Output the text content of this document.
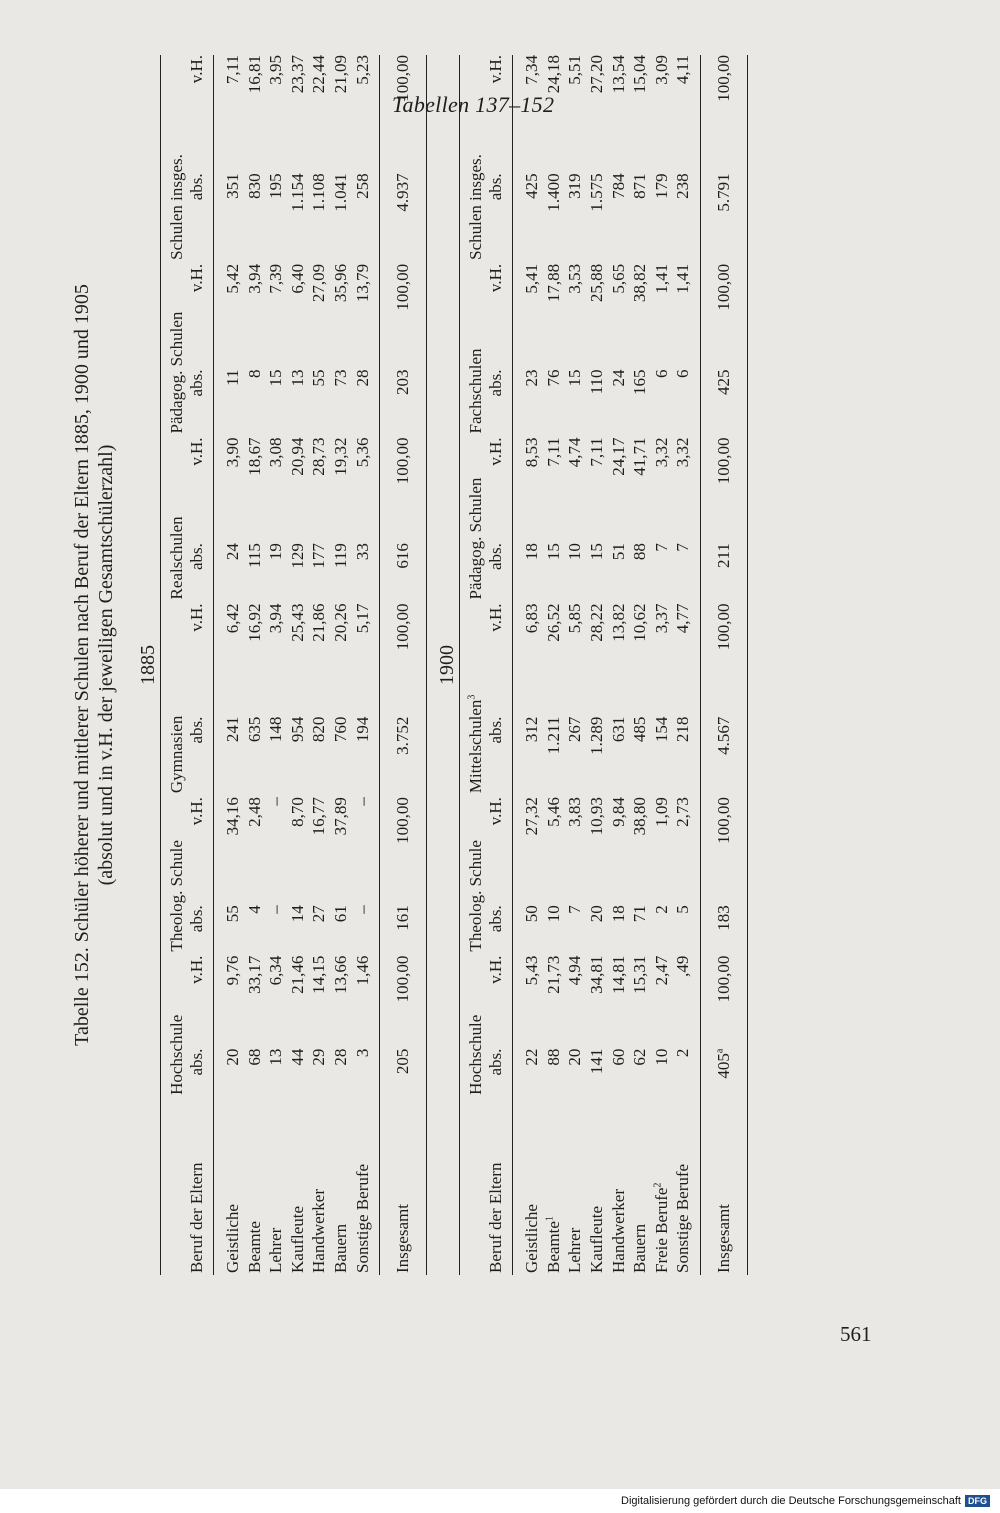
Tabellen 137–152
Tabelle 152. Schüler höherer und mittlerer Schulen nach Beruf der Eltern 1885, 1900 und 1905 (absolut und in v.H. der jeweiligen Gesamtschülerzahl) 1885
Beruf der Eltern	Hochschule		Theolog. Schule		Gymnasien		Realschulen		Pädagog. Schulen		Schulen insges.	
	abs.	v.H.	abs.	v.H.	abs.	v.H.	abs.	v.H.	abs.	v.H.	abs.	v.H.
Geistliche	20	9,76	55	34,16	241	6,42	24	3,90	11	5,42	351	7,11
Beamte	68	33,17	4	2,48	635	16,92	115	18,67	8	3,94	830	16,81
Lehrer	13	6,34	–	–	148	3,94	19	3,08	15	7,39	195	3,95
Kaufleute	44	21,46	14	8,70	954	25,43	129	20,94	13	6,40	1.154	23,37
Handwerker	29	14,15	27	16,77	820	21,86	177	28,73	55	27,09	1.108	22,44
Bauern	28	13,66	61	37,89	760	20,26	119	19,32	73	35,96	1.041	21,09
Sonstige Berufe	3	1,46	–	–	194	5,17	33	5,36	28	13,79	258	5,23
Insgesamt	205	100,00	161	100,00	3.752	100,00	616	100,00	203	100,00	4.937	100,00
1900
Beruf der Eltern	Hochschule		Theolog. Schule		Mittelschulen$^3$		Pädagog. Schulen		Fachschulen		Schulen insges.	
	abs.	v.H.	abs.	v.H.	abs.	v.H.	abs.	v.H.	abs.	v.H.	abs.	v.H.
Geistliche	22	5,43	50	27,32	312	6,83	18	8,53	23	5,41	425	7,34
Beamte$^1$	88	21,73	10	5,46	1.211	26,52	15	7,11	76	17,88	1.400	24,18
Lehrer	20	4,94	7	3,83	267	5,85	10	4,74	15	3,53	319	5,51
Kaufleute	141	34,81	20	10,93	1.289	28,22	15	7,11	110	25,88	1.575	27,20
Handwerker	60	14,81	18	9,84	631	13,82	51	24,17	24	5,65	784	13,54
Bauern	62	15,31	71	38,80	485	10,62	88	41,71	165	38,82	871	15,04
Freie Berufe$^2$	10	2,47	2	1,09	154	3,37	7	3,32	6	1,41	179	3,09
Sonstige Berufe	2	,49	5	2,73	218	4,77	7	3,32	6	1,41	238	4,11
Insgesamt	405$^a$	100,00	183	100,00	4.567	100,00	211	100,00	425	100,00	5.791	100,00
561
Digitalisierung gefördert durch die Deutsche Forschungsgemeinschaft DFG
